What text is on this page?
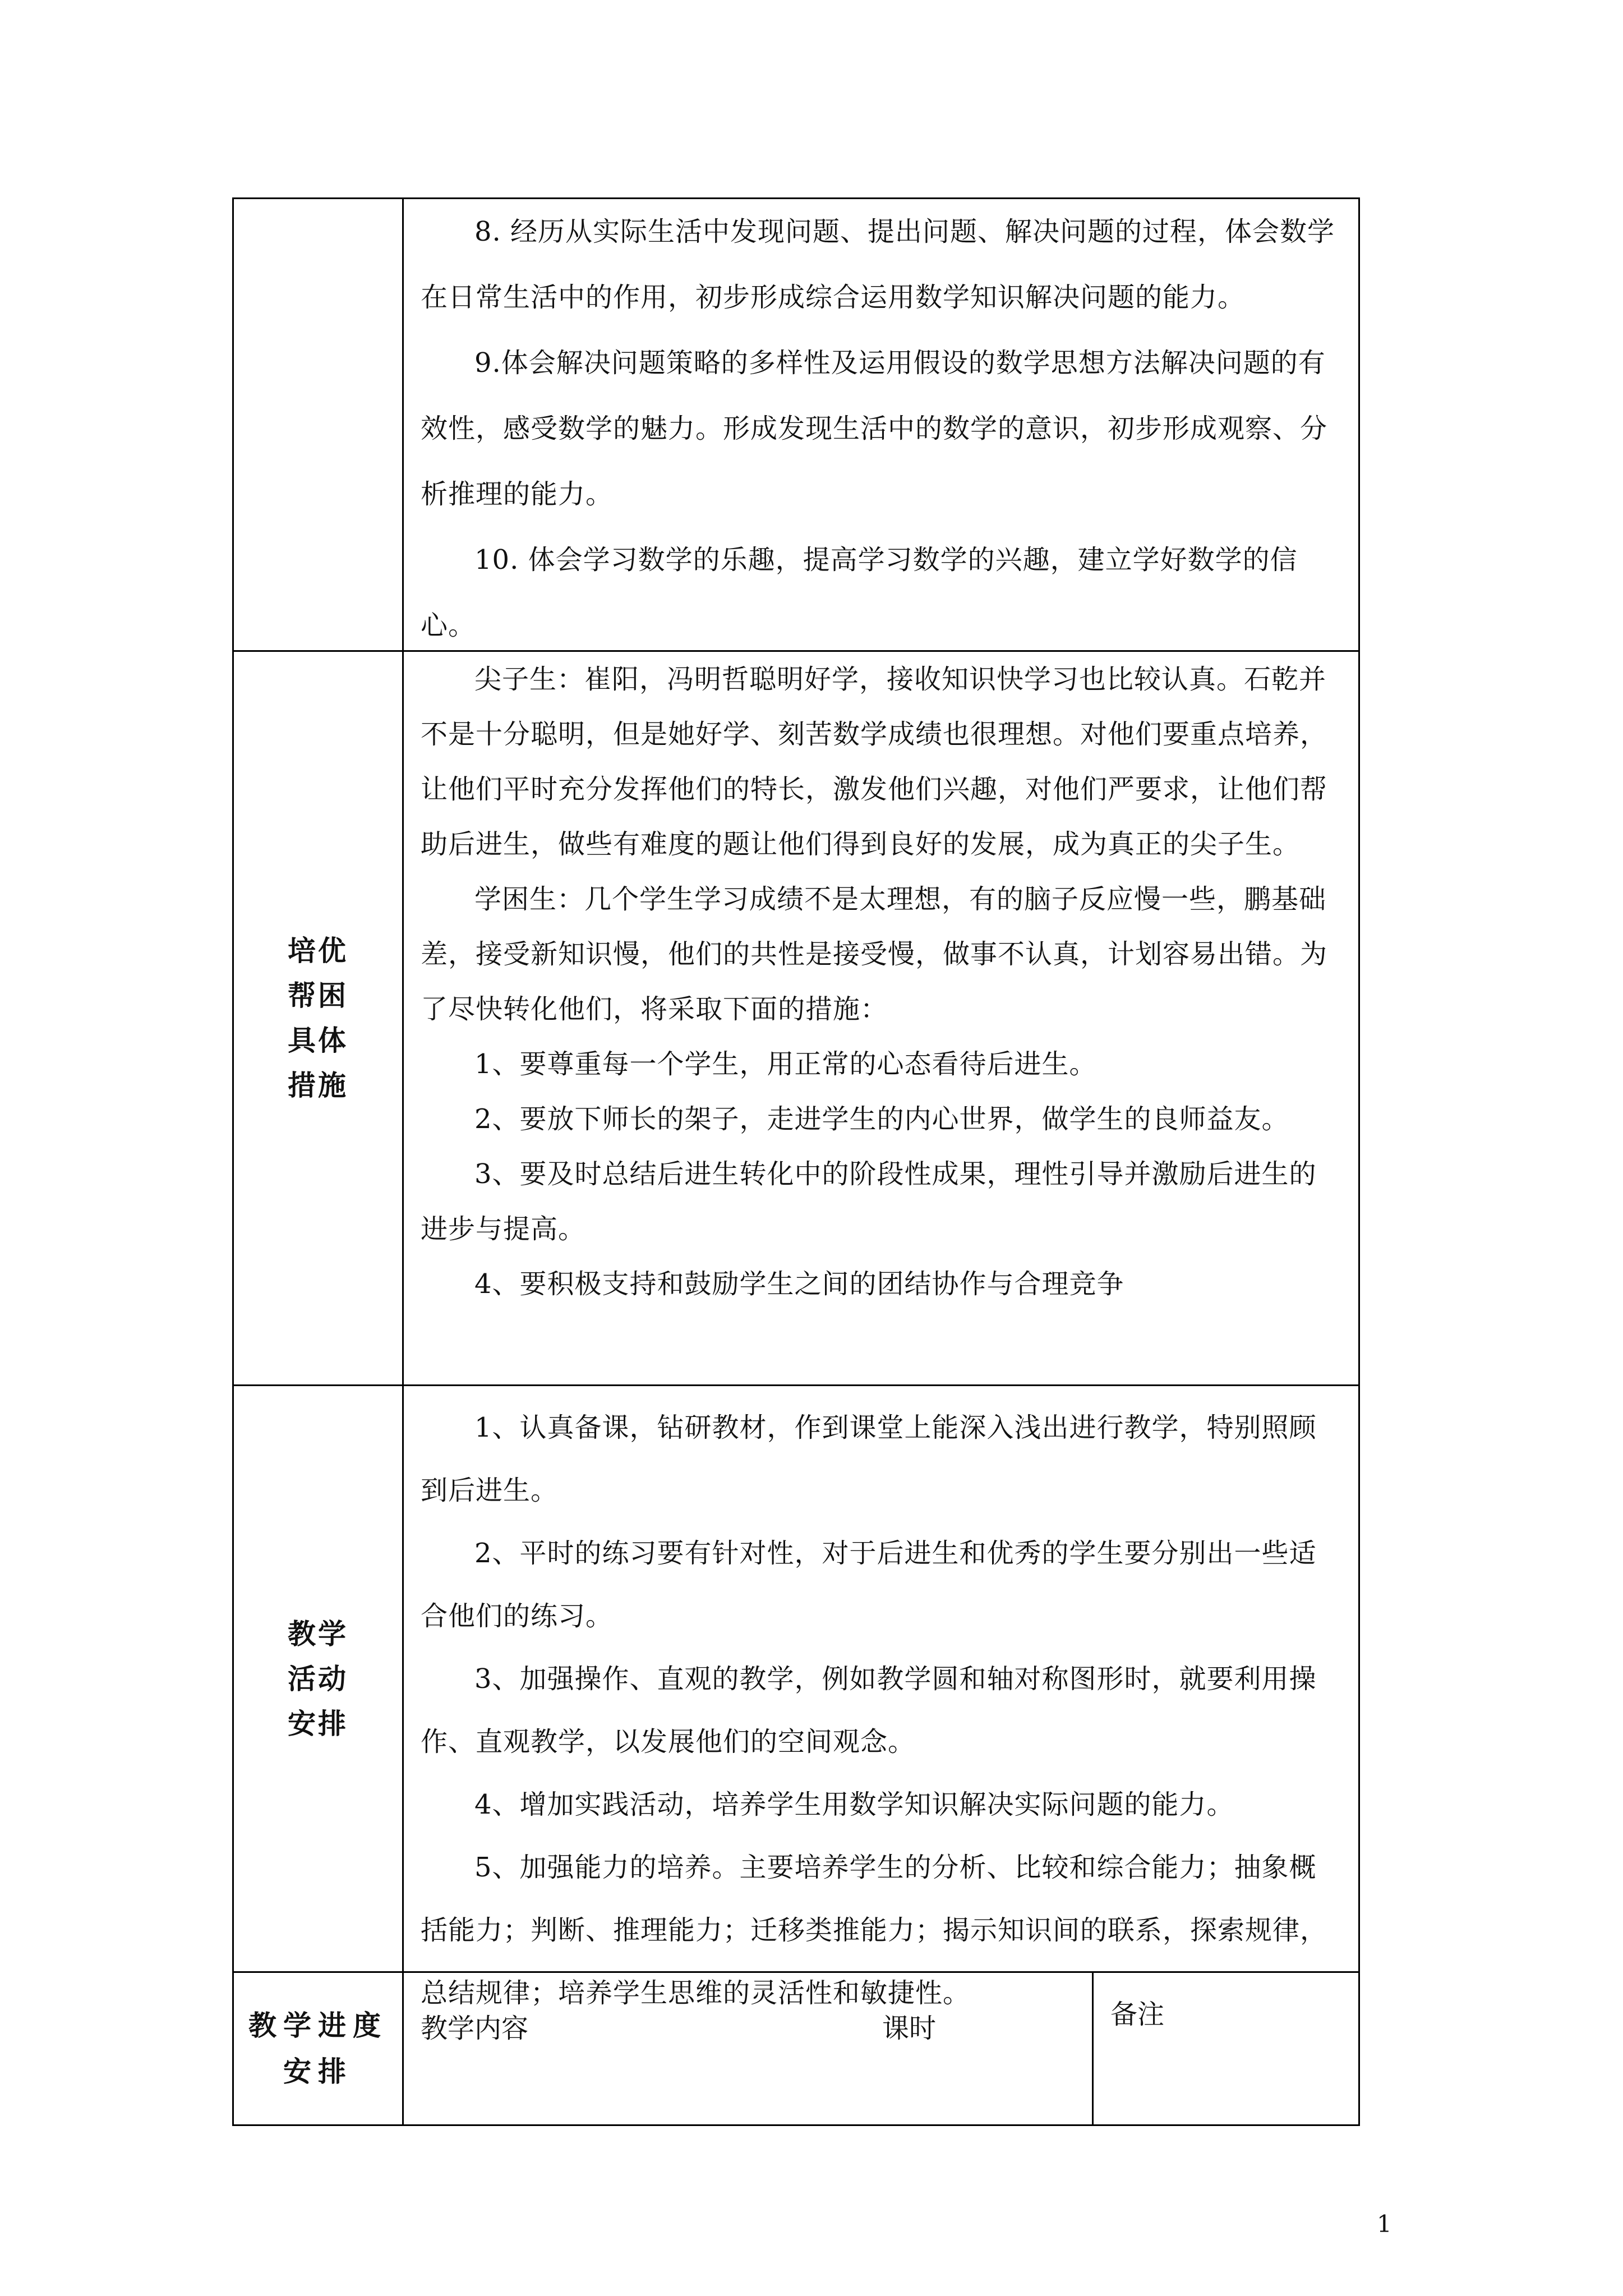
8. 经历从实际生活中发现问题、提出问题、解决问题的过程，体会数学在日常生活中的作用，初步形成综合运用数学知识解决问题的能力。

9.体会解决问题策略的多样性及运用假设的数学思想方法解决问题的有效性，感受数学的魅力。形成发现生活中的数学的意识，初步形成观察、分析推理的能力。

10. 体会学习数学的乐趣，提高学习数学的兴趣，建立学好数学的信心。

培优
帮困
具体
措施

尖子生：崔阳，冯明哲聪明好学，接收知识快学习也比较认真。石乾并不是十分聪明，但是她好学、刻苦数学成绩也很理想。对他们要重点培养，让他们平时充分发挥他们的特长，激发他们兴趣，对他们严要求，让他们帮助后进生，做些有难度的题让他们得到良好的发展，成为真正的尖子生。

学困生：几个学生学习成绩不是太理想，有的脑子反应慢一些，鹏基础差，接受新知识慢，他们的共性是接受慢，做事不认真，计划容易出错。为了尽快转化他们，将采取下面的措施：

1、要尊重每一个学生，用正常的心态看待后进生。

2、要放下师长的架子，走进学生的内心世界，做学生的良师益友。

3、要及时总结后进生转化中的阶段性成果，理性引导并激励后进生的进步与提高。

4、要积极支持和鼓励学生之间的团结协作与合理竞争

教学
活动
安排

1、认真备课，钻研教材，作到课堂上能深入浅出进行教学，特别照顾到后进生。

2、平时的练习要有针对性，对于后进生和优秀的学生要分别出一些适合他们的练习。

3、加强操作、直观的教学，例如教学圆和轴对称图形时，就要利用操作、直观教学，以发展他们的空间观念。

4、增加实践活动，培养学生用数学知识解决实际问题的能力。

5、加强能力的培养。主要培养学生的分析、比较和综合能力；抽象概括能力；判断、推理能力；迁移类推能力；揭示知识间的联系，探索规律，总结规律；培养学生思维的灵活性和敏捷性。

教学进度
安排
教学内容	课时	备注
1
